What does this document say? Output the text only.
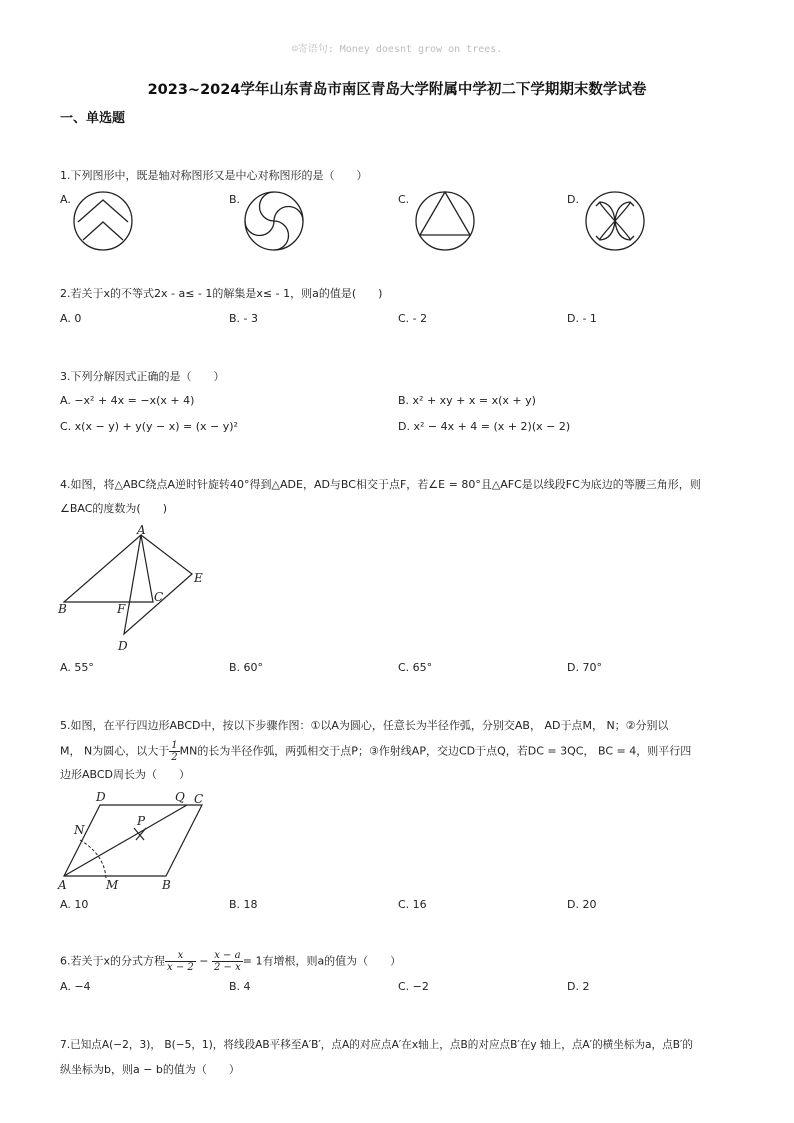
☺寄语句: Money doesnt grow on trees.
2023~2024学年山东青岛市南区青岛大学附属中学初二下学期期末数学试卷
一、单选题
1.下列图形中，既是轴对称图形又是中心对称图形的是（　　）
A.	B.	C.	D.
2.若关于x的不等式2x - a≤ - 1的解集是x≤ - 1，则a的值是(　　)
A. 0	B. - 3	C. - 2	D. - 1
3.下列分解因式正确的是（　　）
A. −x² + 4x = −x(x + 4)	B. x² + xy + x = x(x + y)
C. x(x − y) + y(y − x) = (x − y)²	D. x² − 4x + 4 = (x + 2)(x − 2)
4.如图，将△ABC绕点A逆时针旋转40°得到△ADE，AD与BC相交于点F，若∠E = 80°且△AFC是以线段FC为底边的等腰三角形，则
∠BAC的度数为(　　)
A
E
B	F
C
D
A. 55°	B. 60°	C. 65°	D. 70°
5.如图，在平行四边形ABCD中，按以下步骤作图：①以A为圆心，任意长为半径作弧，分别交AB， AD于点M， N；②分别以
M， N为圆心，以大于 $\frac{1}{2}$ MN的长为半径作弧，两弧相交于点P；③作射线AP，交边CD于点Q，若DC = 3QC， BC = 4，则平行四
边形ABCD周长为（　　）
D	Q C
N
P
A	M	B
A. 10	B. 18	C. 16	D. 20
6.若关于x的分式方程 $\frac{x}{x - 2} - \frac{x - a}{2 - x} = 1$有增根，则a的值为（　　）
A. −4	B. 4	C. −2	D. 2
7.已知点A(−2，3)， B(−5，1)，将线段AB平移至A′B′，点A的对应点A′在x轴上，点B的对应点B′在y 轴上，点A′的横坐标为a，点B′的
纵坐标为b，则a − b的值为（　　）
